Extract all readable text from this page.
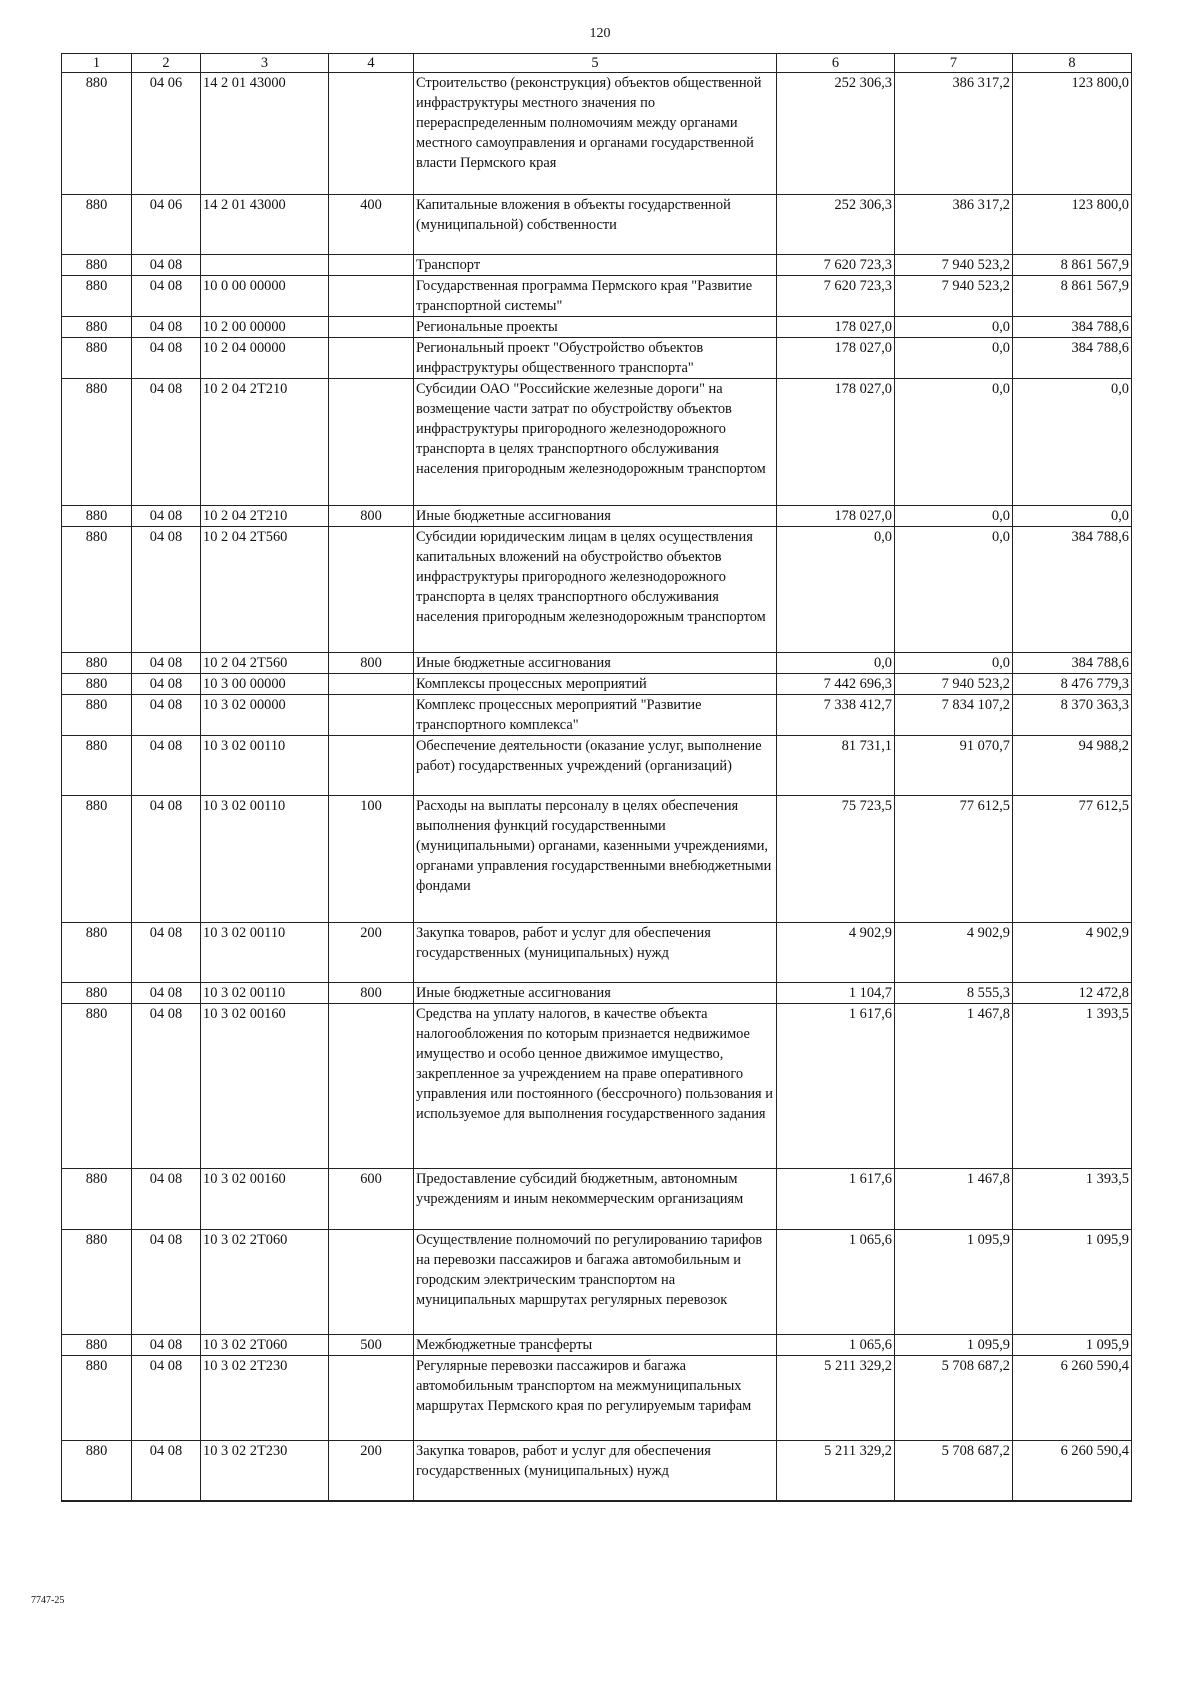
120
1	2	3	4	5	6	7	8
880	04 06	14 2 01 43000		Строительство (реконструкция) объектов общественной инфраструктуры местного значения по перераспределенным полномочиям между органами местного самоуправления и органами государственной власти Пермского края	252 306,3	386 317,2	123 800,0
880	04 06	14 2 01 43000	400	Капитальные вложения в объекты государственной (муниципальной) собственности	252 306,3	386 317,2	123 800,0
880	04 08			Транспорт	7 620 723,3	7 940 523,2	8 861 567,9
880	04 08	10 0 00 00000		Государственная программа Пермского края "Развитие транспортной системы"	7 620 723,3	7 940 523,2	8 861 567,9
880	04 08	10 2 00 00000		Региональные проекты	178 027,0	0,0	384 788,6
880	04 08	10 2 04 00000		Региональный проект "Обустройство объектов инфраструктуры общественного транспорта"	178 027,0	0,0	384 788,6
880	04 08	10 2 04 2Т210		Субсидии ОАО "Российские железные дороги" на возмещение части затрат по обустройству объектов инфраструктуры пригородного железнодорожного транспорта в целях транспортного обслуживания населения пригородным железнодорожным транспортом	178 027,0	0,0	0,0
880	04 08	10 2 04 2Т210	800	Иные бюджетные ассигнования	178 027,0	0,0	0,0
880	04 08	10 2 04 2Т560		Субсидии юридическим лицам в целях осуществления капитальных вложений на обустройство объектов инфраструктуры пригородного железнодорожного транспорта в целях транспортного обслуживания населения пригородным железнодорожным транспортом	0,0	0,0	384 788,6
880	04 08	10 2 04 2Т560	800	Иные бюджетные ассигнования	0,0	0,0	384 788,6
880	04 08	10 3 00 00000		Комплексы процессных мероприятий	7 442 696,3	7 940 523,2	8 476 779,3
880	04 08	10 3 02 00000		Комплекс процессных мероприятий "Развитие транспортного комплекса"	7 338 412,7	7 834 107,2	8 370 363,3
880	04 08	10 3 02 00110		Обеспечение деятельности (оказание услуг, выполнение работ) государственных учреждений (организаций)	81 731,1	91 070,7	94 988,2
880	04 08	10 3 02 00110	100	Расходы на выплаты персоналу в целях обеспечения выполнения функций государственными (муниципальными) органами, казенными учреждениями, органами управления государственными внебюджетными фондами	75 723,5	77 612,5	77 612,5
880	04 08	10 3 02 00110	200	Закупка товаров, работ и услуг для обеспечения государственных (муниципальных) нужд	4 902,9	4 902,9	4 902,9
880	04 08	10 3 02 00110	800	Иные бюджетные ассигнования	1 104,7	8 555,3	12 472,8
880	04 08	10 3 02 00160		Средства на уплату налогов, в качестве объекта налогообложения по которым признается недвижимое имущество и особо ценное движимое имущество, закрепленное за учреждением на праве оперативного управления или постоянного (бессрочного) пользования и используемое для выполнения государственного задания	1 617,6	1 467,8	1 393,5
880	04 08	10 3 02 00160	600	Предоставление субсидий бюджетным, автономным учреждениям и иным некоммерческим организациям	1 617,6	1 467,8	1 393,5
880	04 08	10 3 02 2Т060		Осуществление полномочий по регулированию тарифов на перевозки пассажиров и багажа автомобильным и городским электрическим транспортом на муниципальных маршрутах регулярных перевозок	1 065,6	1 095,9	1 095,9
880	04 08	10 3 02 2Т060	500	Межбюджетные трансферты	1 065,6	1 095,9	1 095,9
880	04 08	10 3 02 2Т230		Регулярные перевозки пассажиров и багажа автомобильным транспортом на межмуниципальных маршрутах Пермского края по регулируемым тарифам	5 211 329,2	5 708 687,2	6 260 590,4
880	04 08	10 3 02 2Т230	200	Закупка товаров, работ и услуг для обеспечения государственных (муниципальных) нужд	5 211 329,2	5 708 687,2	6 260 590,4
7747-25
